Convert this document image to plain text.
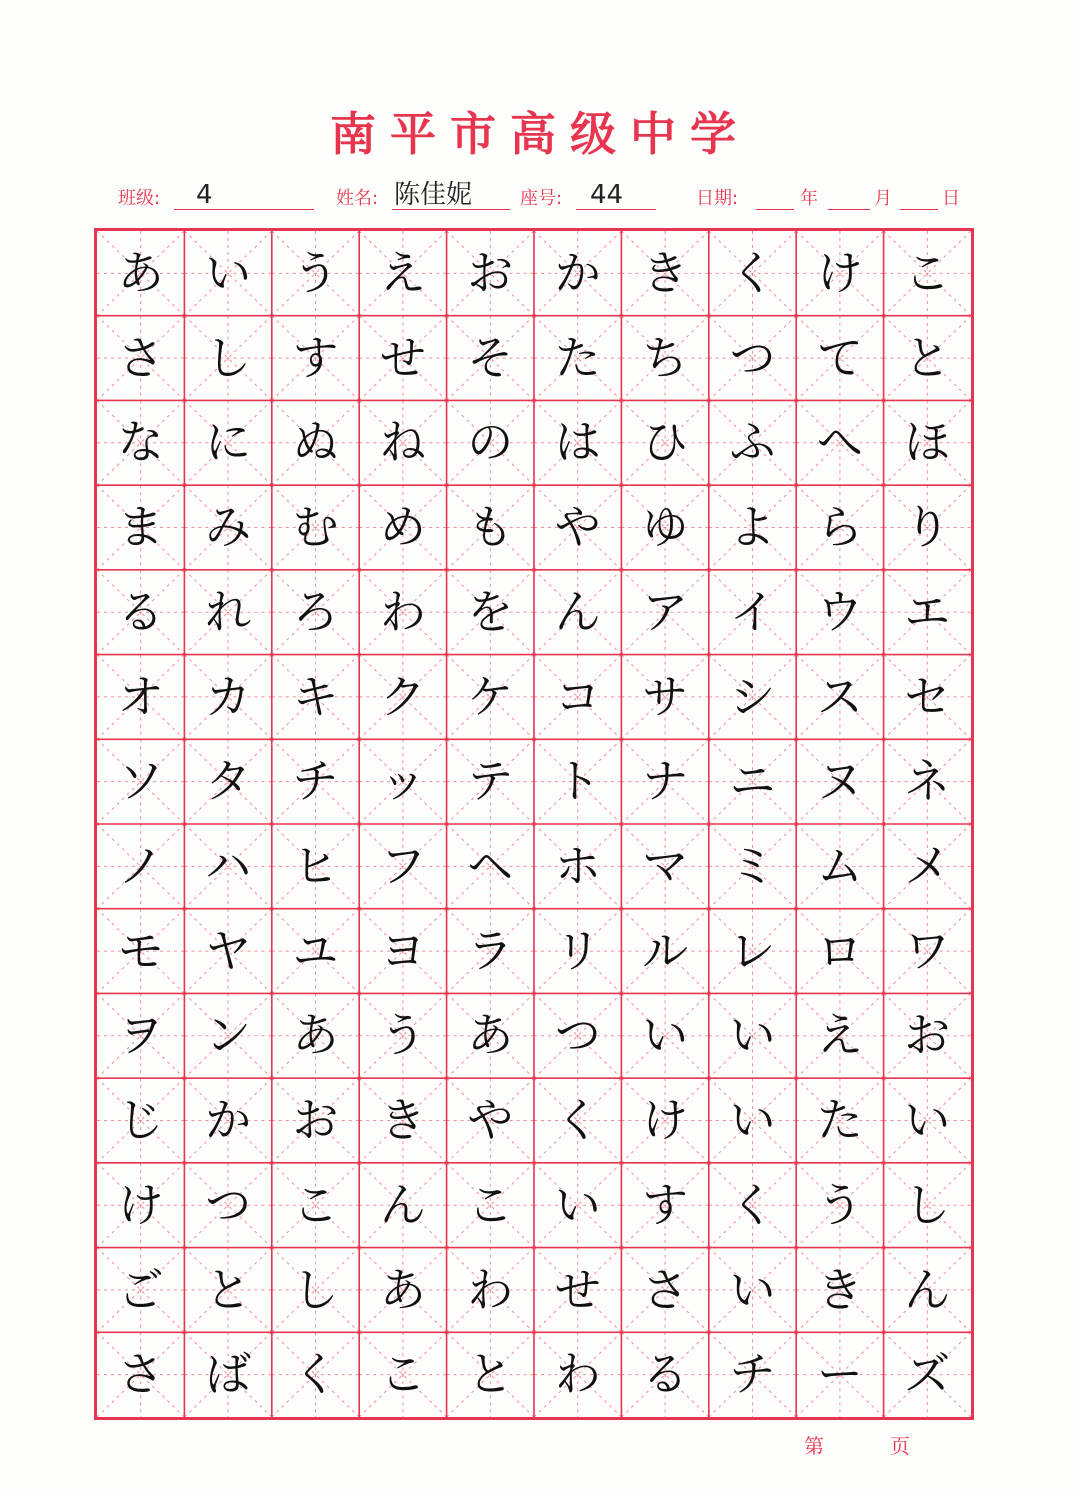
南平市高级中学
班级: 4	姓名: 陈佳妮	座号: 44	日期:	年	月	日
あ い う え お か き く け こ
さ し す せ そ た ち つ て と
な に ぬ ね の は ひ ふ へ ほ
ま み む め も や ゆ よ ら り
る れ ろ わ を ん ア イ ウ エ
オ カ キ ク ケ コ サ シ ス セ
ソ タ チ ッ テ ト ナ ニ ヌ ネ
ノ ハ ヒ フ ヘ ホ マ ミ ム メ
モ ヤ ユ ヨ ラ リ ル レ ロ ワ
ヲ ン あ う あ つ い い え お
じ か お き や く け い た い
け つ こ ん こ い す く う し
ご と し あ わ せ さ い き ん
さ ば く こ と わ る チ ー ズ
第	页
